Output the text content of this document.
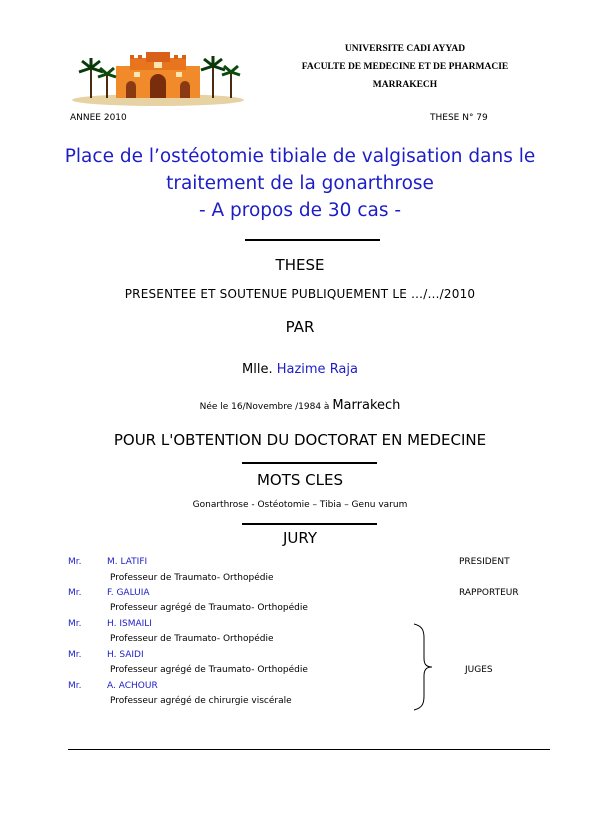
UNIVERSITE CADI AYYAD
FACULTE DE MEDECINE ET DE PHARMACIE
MARRAKECH
ANNEE 2010	THESE N° 79
Place de l’ostéotomie tibiale de valgisation dans le
traitement de la gonarthrose
- A propos de 30 cas -
THESE
PRESENTEE ET SOUTENUE PUBLIQUEMENT LE …/…/2010
PAR
Mlle. Hazime Raja
Née le 16/Novembre /1984 à Marrakech
POUR L'OBTENTION DU DOCTORAT EN MEDECINE
MOTS CLES
Gonarthrose - Ostéotomie – Tibia – Genu varum
JURY
Mr.	M. LATIFI	PRESIDENT
Professeur de Traumato- Orthopédie
Mr.	F. GALUIA	RAPPORTEUR
Professeur agrégé de Traumato- Orthopédie
Mr.	H. ISMAILI
Professeur de Traumato- Orthopédie
Mr.	H. SAIDI
Professeur agrégé de Traumato- Orthopédie
Mr.	A. ACHOUR
Professeur agrégé de chirurgie viscérale
JUGES
